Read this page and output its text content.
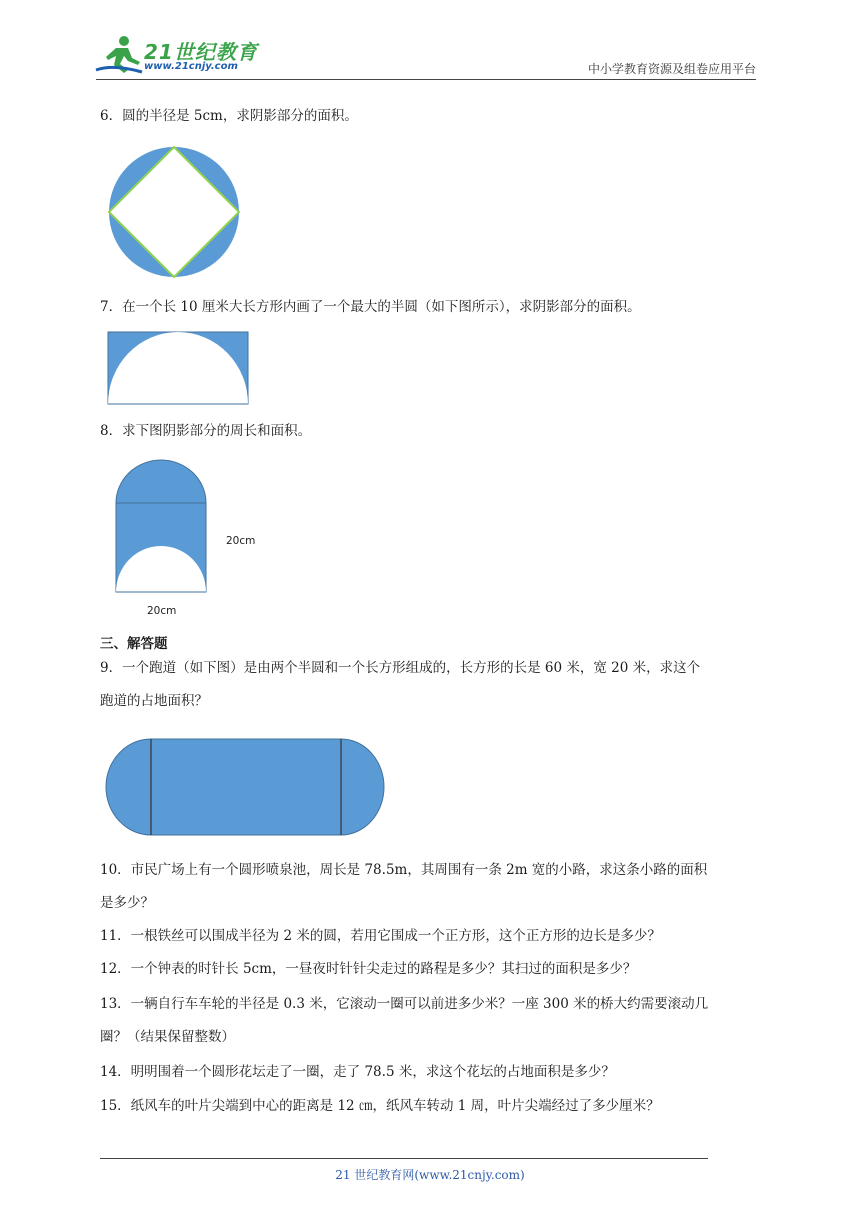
21世纪教育
www.21cnjy.com	中小学教育资源及组卷应用平台
6．圆的半径是 5cm，求阴影部分的面积。
7．在一个长 10 厘米大长方形内画了一个最大的半圆（如下图所示），求阴影部分的面积。
8．求下图阴影部分的周长和面积。
20cm
20cm
三、解答题
9．一个跑道（如下图）是由两个半圆和一个长方形组成的，长方形的长是 60 米，宽 20 米，求这个
跑道的占地面积？
10．市民广场上有一个圆形喷泉池，周长是 78.5m，其周围有一条 2m 宽的小路，求这条小路的面积
是多少？
11．一根铁丝可以围成半径为 2 米的圆，若用它围成一个正方形，这个正方形的边长是多少？
12．一个钟表的时针长 5cm，一昼夜时针针尖走过的路程是多少？其扫过的面积是多少？
13．一辆自行车车轮的半径是 0.3 米，它滚动一圈可以前进多少米？一座 300 米的桥大约需要滚动几
圈？（结果保留整数）
14．明明围着一个圆形花坛走了一圈，走了 78.5 米，求这个花坛的占地面积是多少？
15．纸风车的叶片尖端到中心的距离是 12 ㎝，纸风车转动 1 周，叶片尖端经过了多少厘米？
21 世纪教育网(www.21cnjy.com)
